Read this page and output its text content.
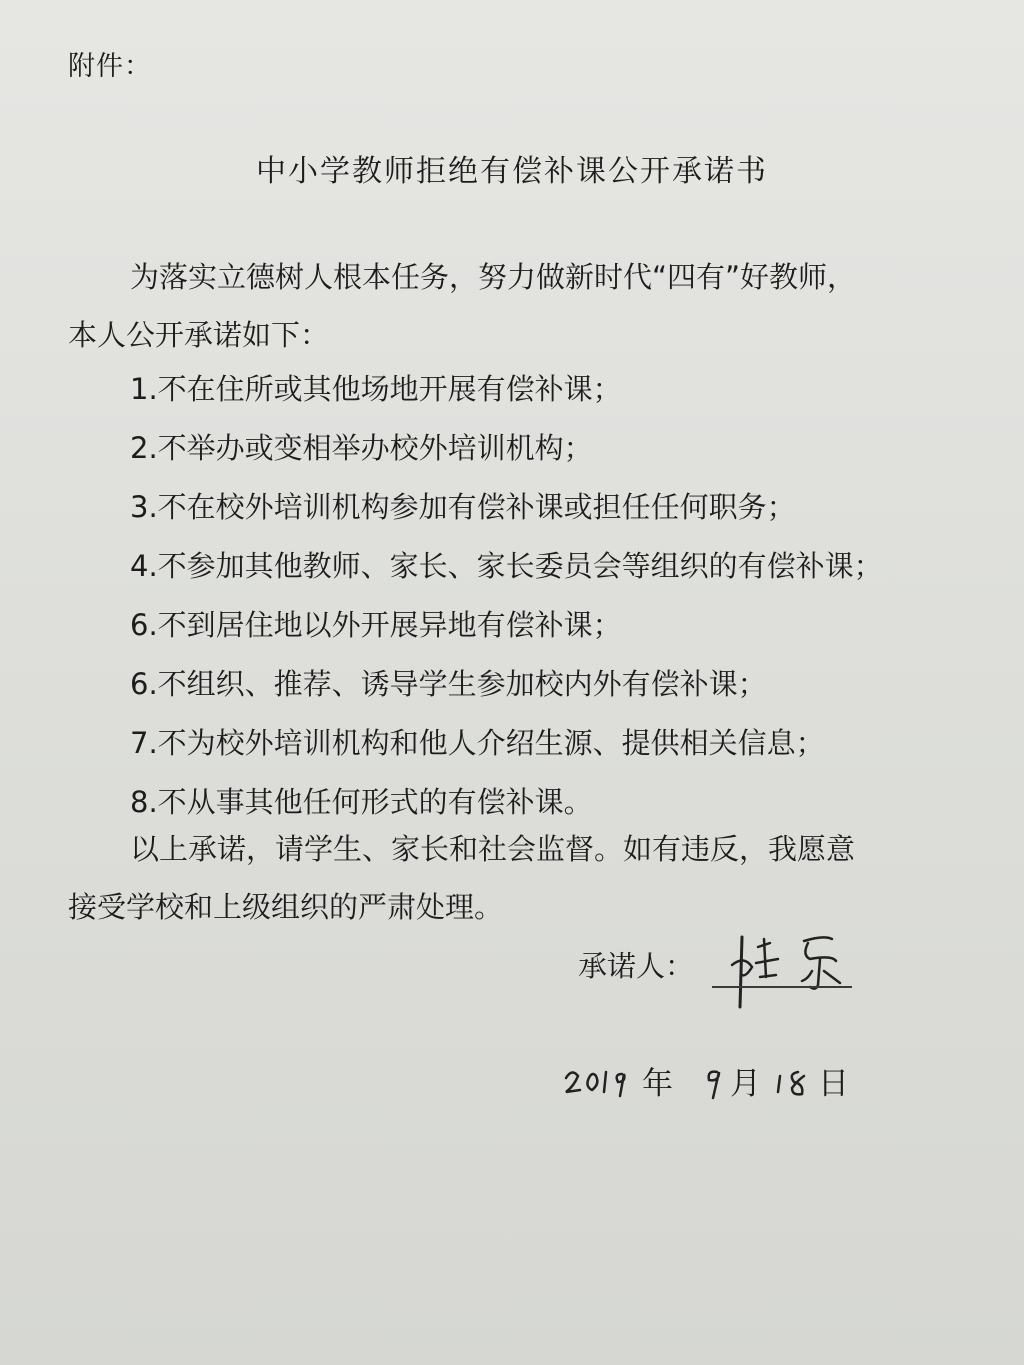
附件：
中小学教师拒绝有偿补课公开承诺书
为落实立德树人根本任务，努力做新时代“四有”好教师，
本人公开承诺如下：
1.不在住所或其他场地开展有偿补课；
2.不举办或变相举办校外培训机构；
3.不在校外培训机构参加有偿补课或担任任何职务；
4.不参加其他教师、家长、家长委员会等组织的有偿补课；
6.不到居住地以外开展异地有偿补课；
6.不组织、推荐、诱导学生参加校内外有偿补课；
7.不为校外培训机构和他人介绍生源、提供相关信息；
8.不从事其他任何形式的有偿补课。
以上承诺，请学生、家长和社会监督。如有违反，我愿意
接受学校和上级组织的严肃处理。
承诺人：
年 月 日
